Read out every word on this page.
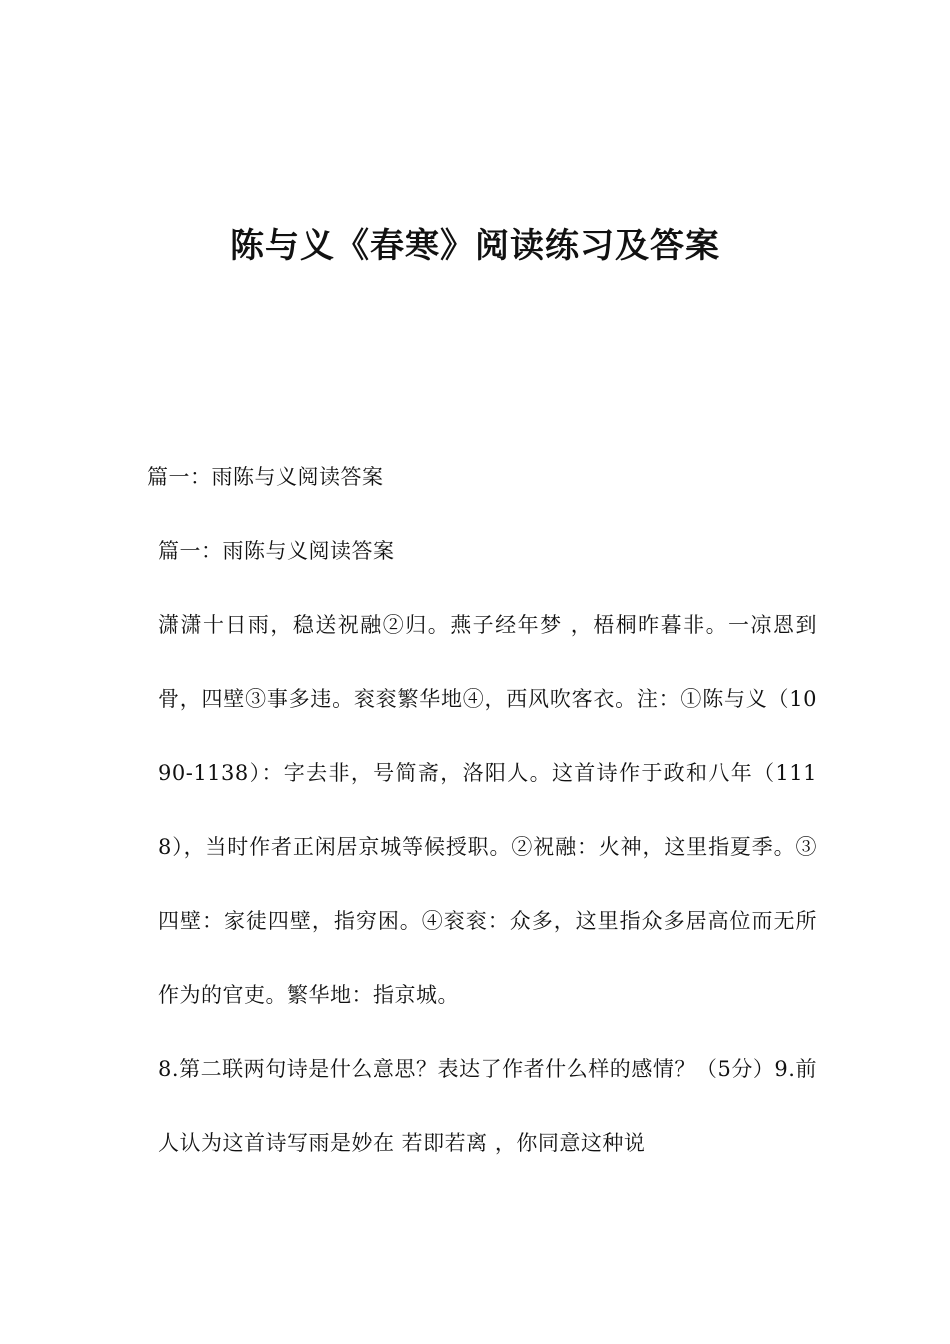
陈与义《春寒》阅读练习及答案

篇一：雨陈与义阅读答案

篇一：雨陈与义阅读答案

潇潇十日雨，稳送祝融②归。燕子经年梦 ，梧桐昨暮非。一凉恩到骨，四壁③事多违。衮衮繁华地④，西风吹客衣。注：①陈与义（1090-1138）：字去非，号简斋，洛阳人。这首诗作于政和八年（1118），当时作者正闲居京城等候授职。②祝融：火神，这里指夏季。③四壁：家徒四壁，指穷困。④衮衮：众多，这里指众多居高位而无所作为的官吏。繁华地：指京城。

8.第二联两句诗是什么意思？表达了作者什么样的感情？（5分）9.前人认为这首诗写雨是妙在 若即若离 ，你同意这种说
